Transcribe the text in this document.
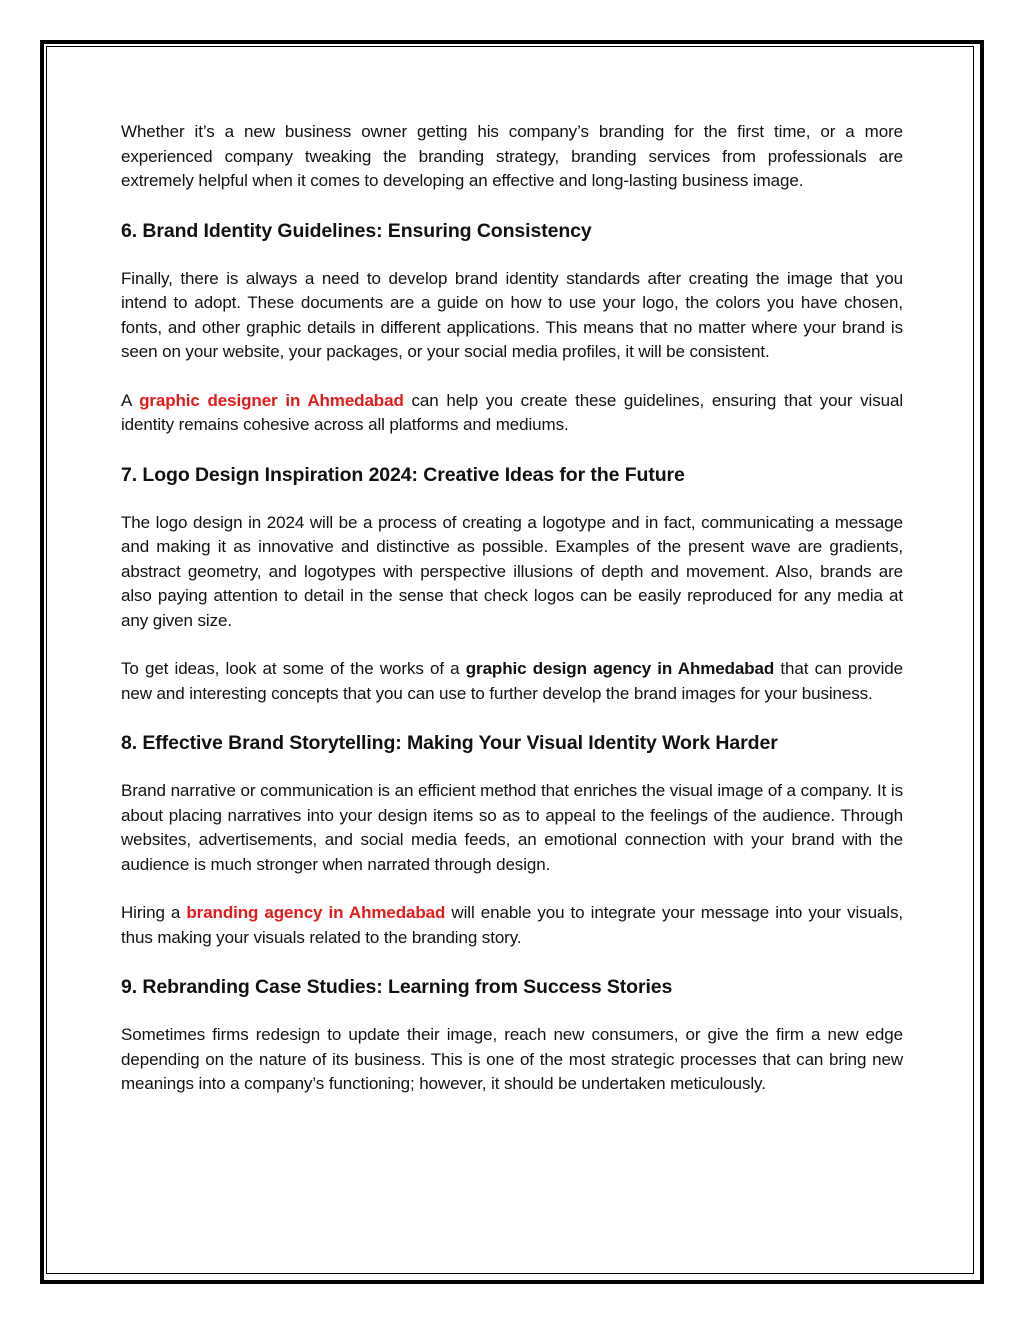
Whether it’s a new business owner getting his company’s branding for the first time, or a more experienced company tweaking the branding strategy, branding services from professionals are extremely helpful when it comes to developing an effective and long-lasting business image.

6. Brand Identity Guidelines: Ensuring Consistency

Finally, there is always a need to develop brand identity standards after creating the image that you intend to adopt. These documents are a guide on how to use your logo, the colors you have chosen, fonts, and other graphic details in different applications. This means that no matter where your brand is seen on your website, your packages, or your social media profiles, it will be consistent.

A graphic designer in Ahmedabad can help you create these guidelines, ensuring that your visual identity remains cohesive across all platforms and mediums.

7. Logo Design Inspiration 2024: Creative Ideas for the Future

The logo design in 2024 will be a process of creating a logotype and in fact, communicating a message and making it as innovative and distinctive as possible. Examples of the present wave are gradients, abstract geometry, and logotypes with perspective illusions of depth and movement. Also, brands are also paying attention to detail in the sense that check logos can be easily reproduced for any media at any given size.

To get ideas, look at some of the works of a graphic design agency in Ahmedabad that can provide new and interesting concepts that you can use to further develop the brand images for your business.

8. Effective Brand Storytelling: Making Your Visual Identity Work Harder

Brand narrative or communication is an efficient method that enriches the visual image of a company. It is about placing narratives into your design items so as to appeal to the feelings of the audience. Through websites, advertisements, and social media feeds, an emotional connection with your brand with the audience is much stronger when narrated through design.

Hiring a branding agency in Ahmedabad will enable you to integrate your message into your visuals, thus making your visuals related to the branding story.

9. Rebranding Case Studies: Learning from Success Stories

Sometimes firms redesign to update their image, reach new consumers, or give the firm a new edge depending on the nature of its business. This is one of the most strategic processes that can bring new meanings into a company’s functioning; however, it should be undertaken meticulously.
